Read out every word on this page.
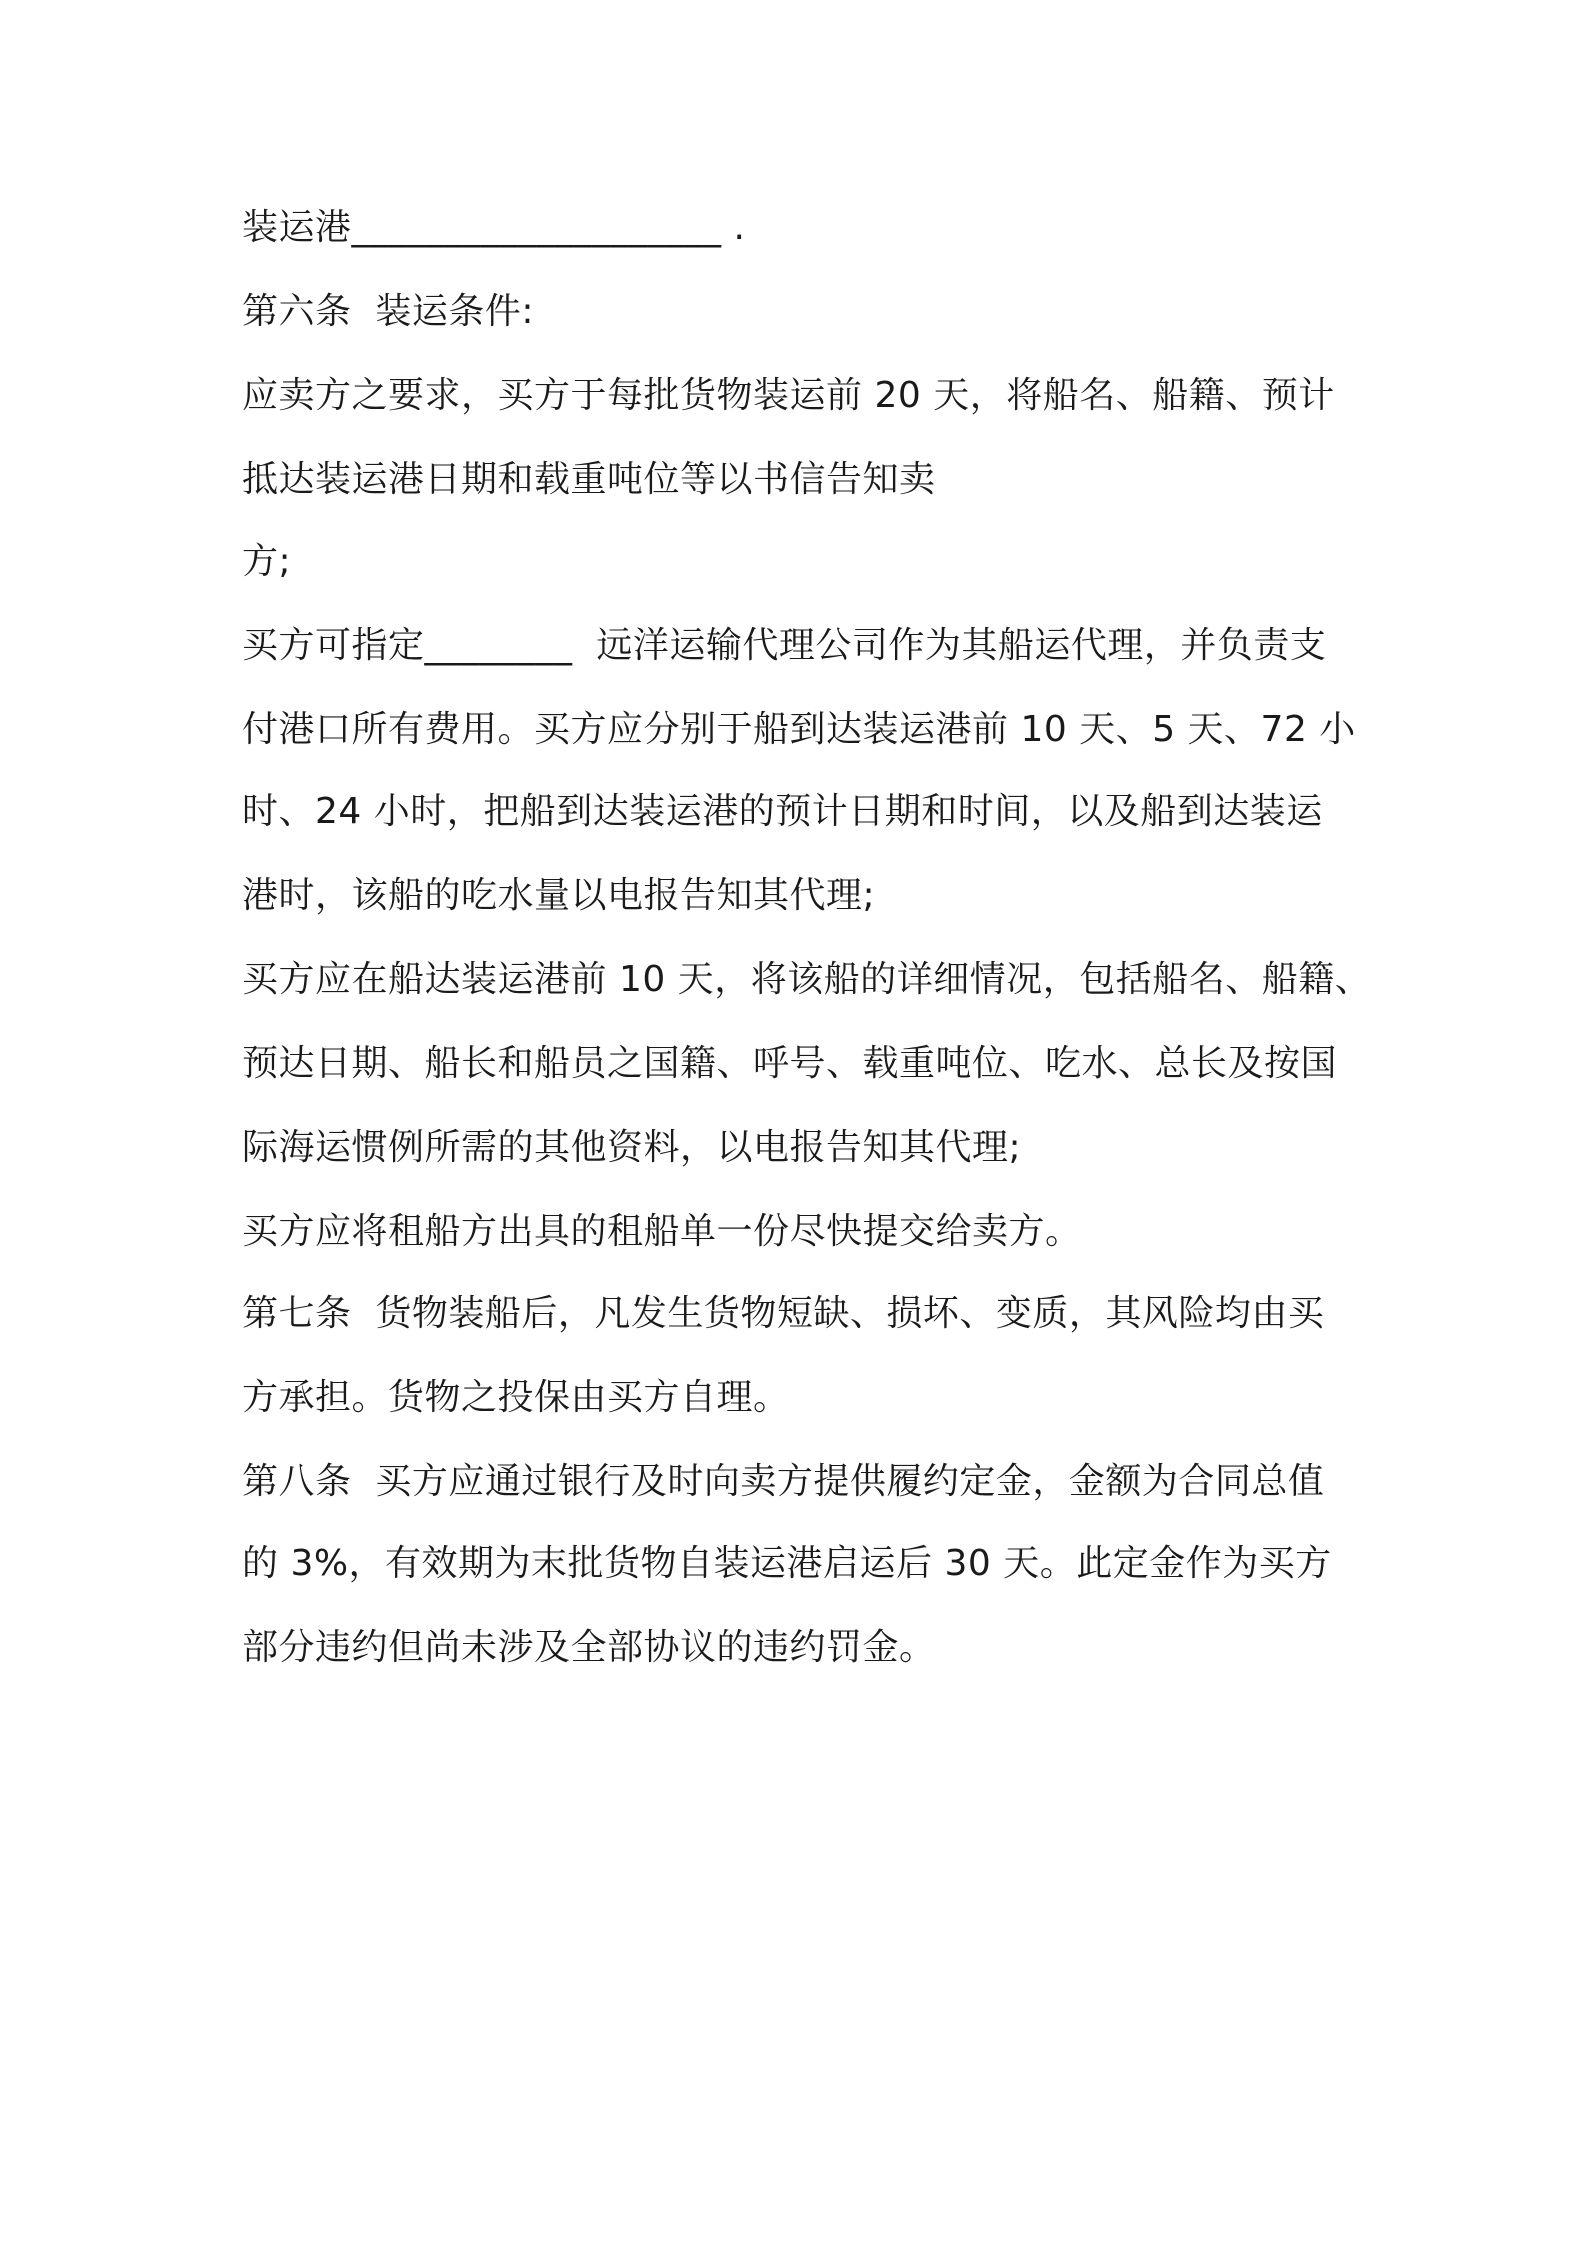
装运港____________________ .
第六条  装运条件:
应卖方之要求，买方于每批货物装运前 20 天，将船名、船籍、预计
抵达装运港日期和载重吨位等以书信告知卖
方;
买方可指定________  远洋运输代理公司作为其船运代理，并负责支
付港口所有费用。买方应分别于船到达装运港前 10 天、5 天、72 小
时、24 小时，把船到达装运港的预计日期和时间，以及船到达装运
港时，该船的吃水量以电报告知其代理;
买方应在船达装运港前 10 天，将该船的详细情况，包括船名、船籍、
预达日期、船长和船员之国籍、呼号、载重吨位、吃水、总长及按国
际海运惯例所需的其他资料，以电报告知其代理;
买方应将租船方出具的租船单一份尽快提交给卖方。
第七条  货物装船后，凡发生货物短缺、损坏、变质，其风险均由买
方承担。货物之投保由买方自理。
第八条  买方应通过银行及时向卖方提供履约定金，金额为合同总值
的 3%，有效期为末批货物自装运港启运后 30 天。此定金作为买方
部分违约但尚未涉及全部协议的违约罚金。
